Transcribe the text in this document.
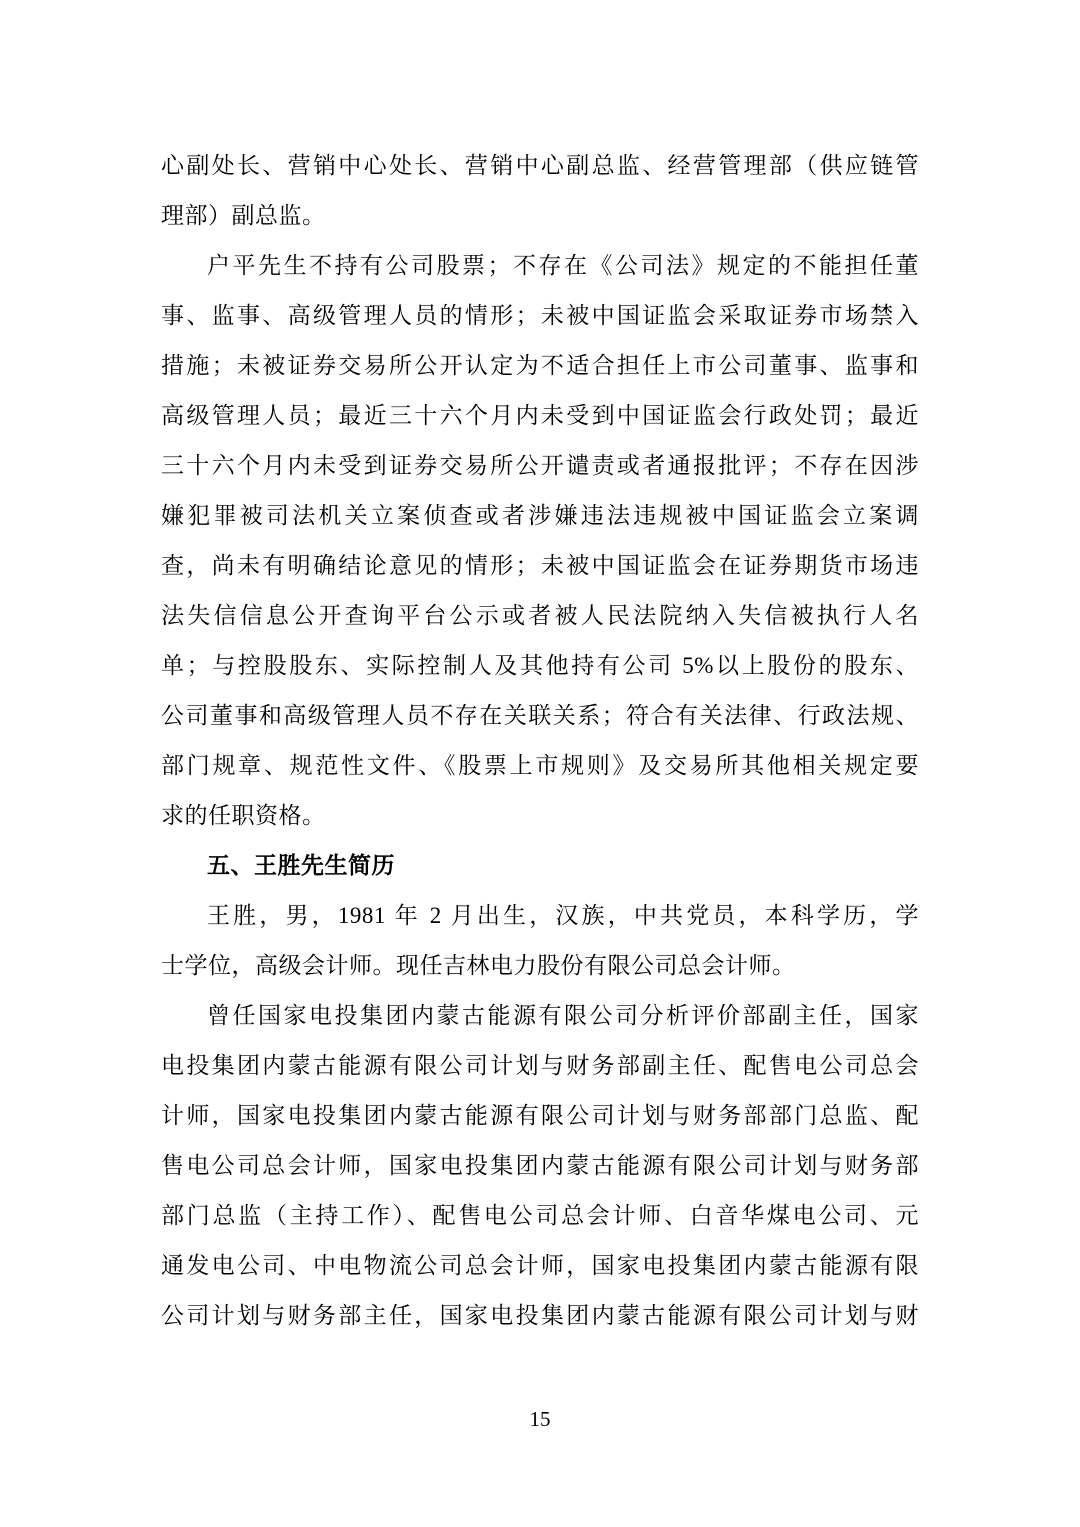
心副处长、营销中心处长、营销中心副总监、经营管理部（供应链管
理部）副总监。
户平先生不持有公司股票；不存在《公司法》规定的不能担任董
事、监事、高级管理人员的情形；未被中国证监会采取证券市场禁入
措施；未被证券交易所公开认定为不适合担任上市公司董事、监事和
高级管理人员；最近三十六个月内未受到中国证监会行政处罚；最近
三十六个月内未受到证券交易所公开谴责或者通报批评；不存在因涉
嫌犯罪被司法机关立案侦查或者涉嫌违法违规被中国证监会立案调
查，尚未有明确结论意见的情形；未被中国证监会在证券期货市场违
法失信信息公开查询平台公示或者被人民法院纳入失信被执行人名
单；与控股股东、实际控制人及其他持有公司 5%以上股份的股东、
公司董事和高级管理人员不存在关联关系；符合有关法律、行政法规、
部门规章、规范性文件、《股票上市规则》及交易所其他相关规定要
求的任职资格。
五、王胜先生简历
王胜，男，1981 年 2 月出生，汉族，中共党员，本科学历，学
士学位，高级会计师。现任吉林电力股份有限公司总会计师。
曾任国家电投集团内蒙古能源有限公司分析评价部副主任，国家
电投集团内蒙古能源有限公司计划与财务部副主任、配售电公司总会
计师，国家电投集团内蒙古能源有限公司计划与财务部部门总监、配
售电公司总会计师，国家电投集团内蒙古能源有限公司计划与财务部
部门总监（主持工作）、配售电公司总会计师、白音华煤电公司、元
通发电公司、中电物流公司总会计师，国家电投集团内蒙古能源有限
公司计划与财务部主任，国家电投集团内蒙古能源有限公司计划与财
15
